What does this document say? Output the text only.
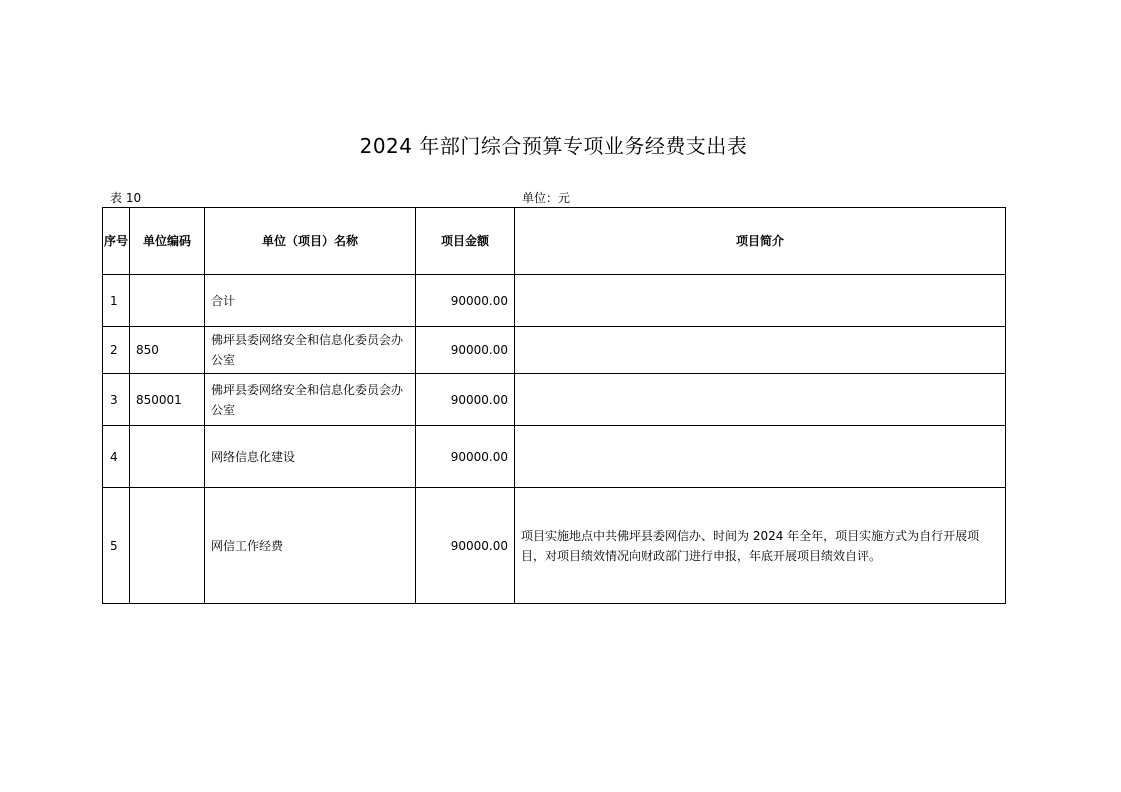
2024 年部门综合预算专项业务经费支出表
表 10	单位：元
序号	单位编码	单位（项目）名称	项目金额	项目简介
1		合计	90000.00	
2	850	佛坪县委网络安全和信息化委员会办公室	90000.00	
3	850001	佛坪县委网络安全和信息化委员会办公室	90000.00	
4		网络信息化建设	90000.00	
5		网信工作经费	90000.00	项目实施地点中共佛坪县委网信办、时间为 2024 年全年，项目实施方式为自行开展项目，对项目绩效情况向财政部门进行申报，年底开展项目绩效自评。
